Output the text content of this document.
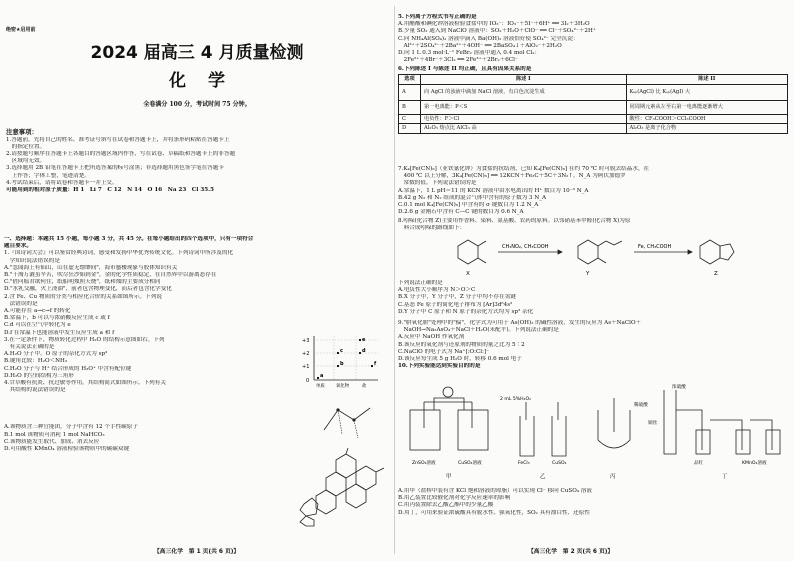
绝密★启用前
2024 届高三 4 月质量检测
化学
全卷满分 100 分，考试时间 75 分钟。
注意事项：
1.答题前，先将自己的姓名、准考证号填写在试卷和答题卡上，并将条形码粘贴在答题卡上
　的指定位置。
2.请按题号顺序在答题卡上各题目的答题区域内作答，写在试卷、草稿纸和答题卡上的非答题
　区域均无效。
3.选择题用 2B 铅笔在答题卡上把所选答案的标号涂黑；非选择题用黑色签字笔在答题卡
　上作答；字体工整，笔迹清楚。
4.考试结束后，请将试卷和答题卡一并上交。
可能用到的相对原子质量：H 1　Li 7　C 12　N 14　O 16　Na 23　Cl 35.5
一、选择题：本题共 15 小题，每小题 3 分，共 45 分。在每小题给出的四个选项中，只有一项符合
题目要求。
1.『国诗词大会』可以鉴赏经典诗词，感受和发扬中华优秀传统文化。下列诗词中所涉及的化
　学知识说法错误的是
A."忽闻海上有仙山，山在虚无缥缈间"，海市蜃楼现象与胶体知识有关
B."千淘万漉虽辛苦，吹尽狂沙始到金"，金的化学性质稳定，在自然界中以游离态存在
C."借问瘟君欲何往，纸船明烛照天烧"，纸和烛的主要成分相同
D."水乳交融，火上浇油"，前者包含物理变化，而后者包含化学变化
2.含 Fe、Cu 物质的分类与相应化合价的关系如图所示。下列说
　法错误的是
A.可能存在 a→c→f 的转化
B.常温下，b 可以与浓硝酸反应生成 c 或 f
C.d 可以在空气中转化为 e
D.f 在常温下也能溶液中发生反应生成 a 和 f
3.在一定条件下，物质转化过程中 H₂O 的结构示意图如右。下列
　有关说法正确的是
A.H₂O 分子中，O 原子的杂化方式为 sp³
B.键角比较：H₂O＜NH₃
C.H₂O 分子与 H⁺ 结合形成的 H₃O⁺ 中含有配位键
D.H₂O 的空间结构为三角形
4.甘草酸有抗炎、抗过敏等作用，其结构简式如图所示。下列有关
　其结构的说法错误的是
A.该物质含三种官能团，分子中含有 12 个手性碳原子
B.1 mol 该物质可消耗 1 mol NaHCO₃
C.该物质能发生取代、加成、消去反应
D.可用酸性 KMnO₄ 溶液检验该物质中的碳碳双键
+3
+2
+1
0
单质	氧化物	盐
a
b
c	d
e
f
【高三化学　第 1 页(共 6 页)】
5.下列离子方程式书写正确的是
A.用醋酸和碘化钾溶液检验食盐中的 IO₃⁻：IO₃⁻＋5I⁻＋6H⁺ ══ 3I₂＋3H₂O
B.少量 SO₂ 通入到 NaClO 溶液中：SO₂＋H₂O＋ClO⁻ ══ Cl⁻＋SO₄²⁻＋2H⁺
C.向 NH₄Al(SO₄)₂ 溶液中滴入 Ba(OH)₂ 溶液恰好使 SO₄²⁻ 完全沉淀：
　Al³⁺＋2SO₄²⁻＋2Ba²⁺＋4OH⁻ ══ 2BaSO₄↓＋AlO₂⁻＋2H₂O
D.向 1 L 0.3 mol·L⁻¹ FeBr₂ 溶液中通入 0.4 mol Cl₂：
　2Fe²⁺＋4Br⁻＋3Cl₂ ══ 2Fe³⁺＋2Br₂＋6Cl⁻
6.下列陈述 I 与陈述 II 均正确，且具有因果关系的是
选项	陈述 I	陈述 II
A	向 AgCl 的浊液中滴加 NaCl 溶液，有白色沉淀生成	Kₛₚ(AgCl) 比 Kₛₚ(AgI) 大
B	第一电离能：P＜S	同周期元素从左至右第一电离能逐渐增大
C	电负性：F＞Cl	酸性：CF₃COOH＞CCl₃COOH
D	Al₂O₃ 熔点比 AlCl₃ 高	Al₂O₃ 是离子化合物
7.K₄[Fe(CN)₆]（亚铁氰化钾）为食盐的抗结剂，已知 K₄[Fe(CN)₆] 在约 70 ℃ 时可脱去结晶水，在
　400 ℃ 以上分解，3K₄[Fe(CN)₆] ══ 12KCN＋Fe₃C＋5C＋3N₂↑。N_A 为阿伏加德罗
　常数的值。下列说法错误的是
A.常温下，1 L pH＝11 的 KCN 溶液中由水电离出的 H⁺ 数目为 10⁻³ N_A
B.42 g N₂ 和 N₂ 组成的混合气体中含有的原子数为 3 N_A
C.0.1 mol K₄[Fe(CN)₆] 中含有的 σ 键数目为 1.2 N_A
D.2.6 g 金刚石中含有 C—C 键的数目为 0.6 N_A
8.吲哚(化合物 Z)主要用作香料、染料、氨基酸、农药的原料。以邻硝基苯甲醛(化合物 X)为原
　料合成吲哚的路线如下：
CH₃NO₂, CH₃COOH	Fe, CH₃COOH
X	Y	Z
下列说法正确的是
A.电负性大小顺序为 N＞O＞C
B.X 分子中，Y 分子中，Z 分子中均不存在氢键
C.基态 Fe 原子的简化电子排布为 [Ar]3d⁶4s²
D.Y 分子中 C 原子和 N 原子的杂化方式均为 sp² 杂化
9."肼氧化肼"处理中的"偏"，化学式为可用于 As(OH)₃ 的碱性溶液，发生的反应为 As＋NaClO＋
　NaOH→Na₃AsO₄＋NaCl＋H₂O(未配平)。下列说法正确的是
A.反应中 NaOH 作氧化剂
B.该反应的氧化剂与还原剂的物质的量之比为 5∶2
C.NaClO 的电子式为 Na⁺[:O:Cl:]⁻
D.该反应每生成 5 g H₂O 时，转移 0.6 mol 电子
10.下列实验能达到实验目的的是
ZnSO₄溶液	CuSO₄溶液
2 mL 5%H₂O₂
FeCl₃	CuSO₄
稀硫酸
浓硫酸
铜丝
品红	KMnO₄溶液
甲	乙	丙	丁
A.用甲（盐桥中装有含 KCl 饱和溶液的琼脂）可以实现 Cl⁻ 移向 CuSO₄ 溶液
B.用乙装置比较催化剂对化学反应速率的影响
C.用丙装置除去乙酸乙酯中的少量乙酸
D.用丁，可用来验证浓硫酸具有脱水性、强氧化性，SO₂ 具有漂白性、还原性
【高三化学　第 2 页(共 6 页)】
